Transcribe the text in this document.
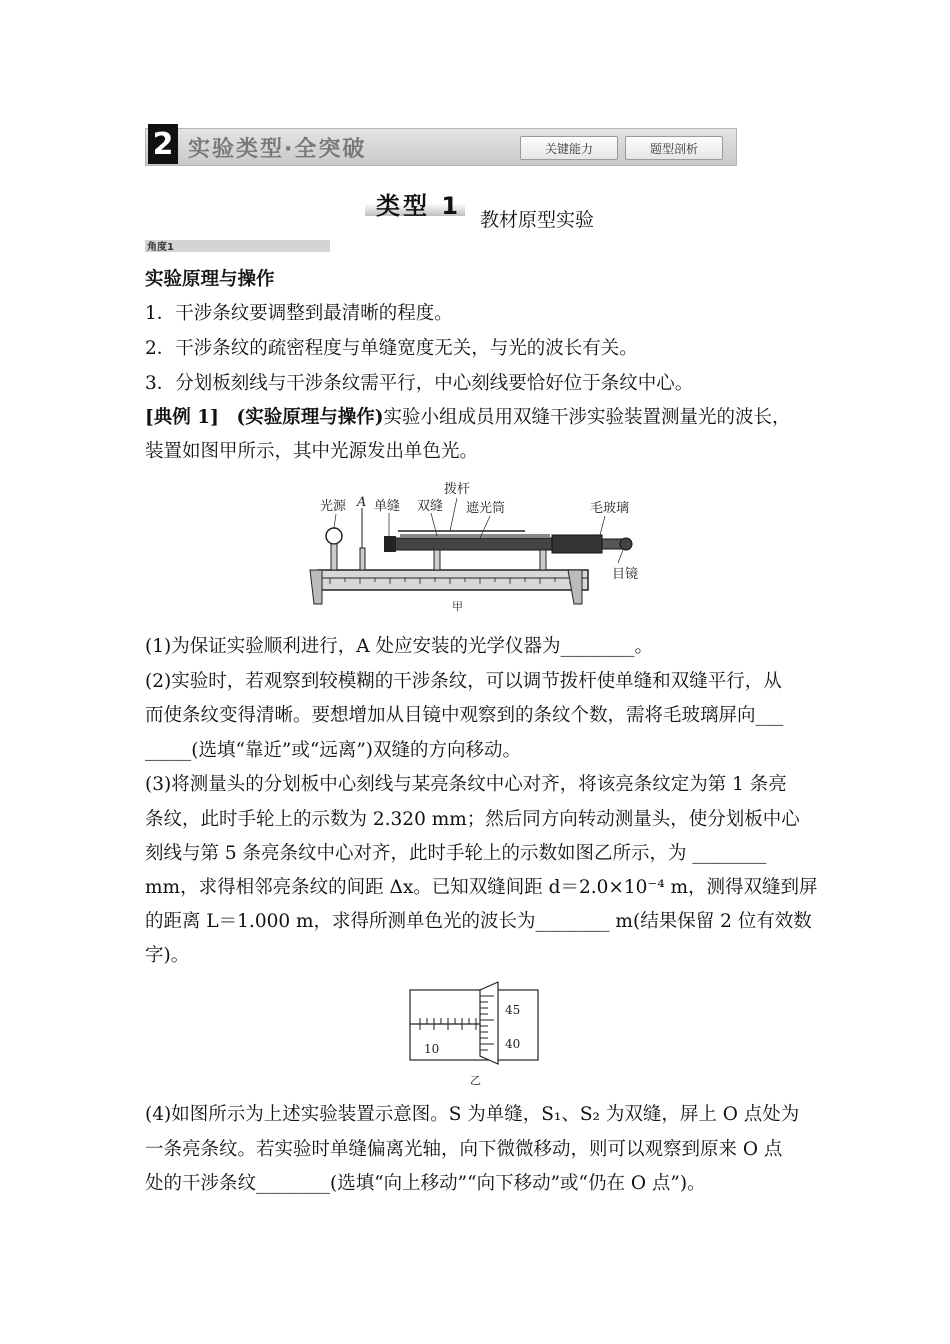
2 实验类型·全突破	关键能力	题型剖析
类型 1 教材原型实验
角度1
实验原理与操作
1．干涉条纹要调整到最清晰的程度。
2．干涉条纹的疏密程度与单缝宽度无关，与光的波长有关。
3．分划板刻线与干涉条纹需平行，中心刻线要恰好位于条纹中心。
[典例 1] (实验原理与操作)实验小组成员用双缝干涉实验装置测量光的波长，
装置如图甲所示，其中光源发出单色光。
光源 A 单缝 双缝
拨杆
遮光筒	毛玻璃
目镜
甲
(1)为保证实验顺利进行，A 处应安装的光学仪器为________。
(2)实验时，若观察到较模糊的干涉条纹，可以调节拨杆使单缝和双缝平行，从
而使条纹变得清晰。要想增加从目镜中观察到的条纹个数，需将毛玻璃屏向___
_____(选填“靠近”或“远离”)双缝的方向移动。
(3)将测量头的分划板中心刻线与某亮条纹中心对齐，将该亮条纹定为第 1 条亮
条纹，此时手轮上的示数为 2.320 mm；然后同方向转动测量头，使分划板中心
刻线与第 5 条亮条纹中心对齐，此时手轮上的示数如图乙所示，为 ________
mm，求得相邻亮条纹的间距 Δx。已知双缝间距 d＝2.0×10⁻⁴ m，测得双缝到屏
的距离 L＝1.000 m，求得所测单色光的波长为________ m(结果保留 2 位有效数
字)。
45
40
10
乙
(4)如图所示为上述实验装置示意图。S 为单缝，S₁、S₂ 为双缝，屏上 O 点处为
一条亮条纹。若实验时单缝偏离光轴，向下微微移动，则可以观察到原来 O 点
处的干涉条纹________(选填“向上移动”“向下移动”或“仍在 O 点”)。
